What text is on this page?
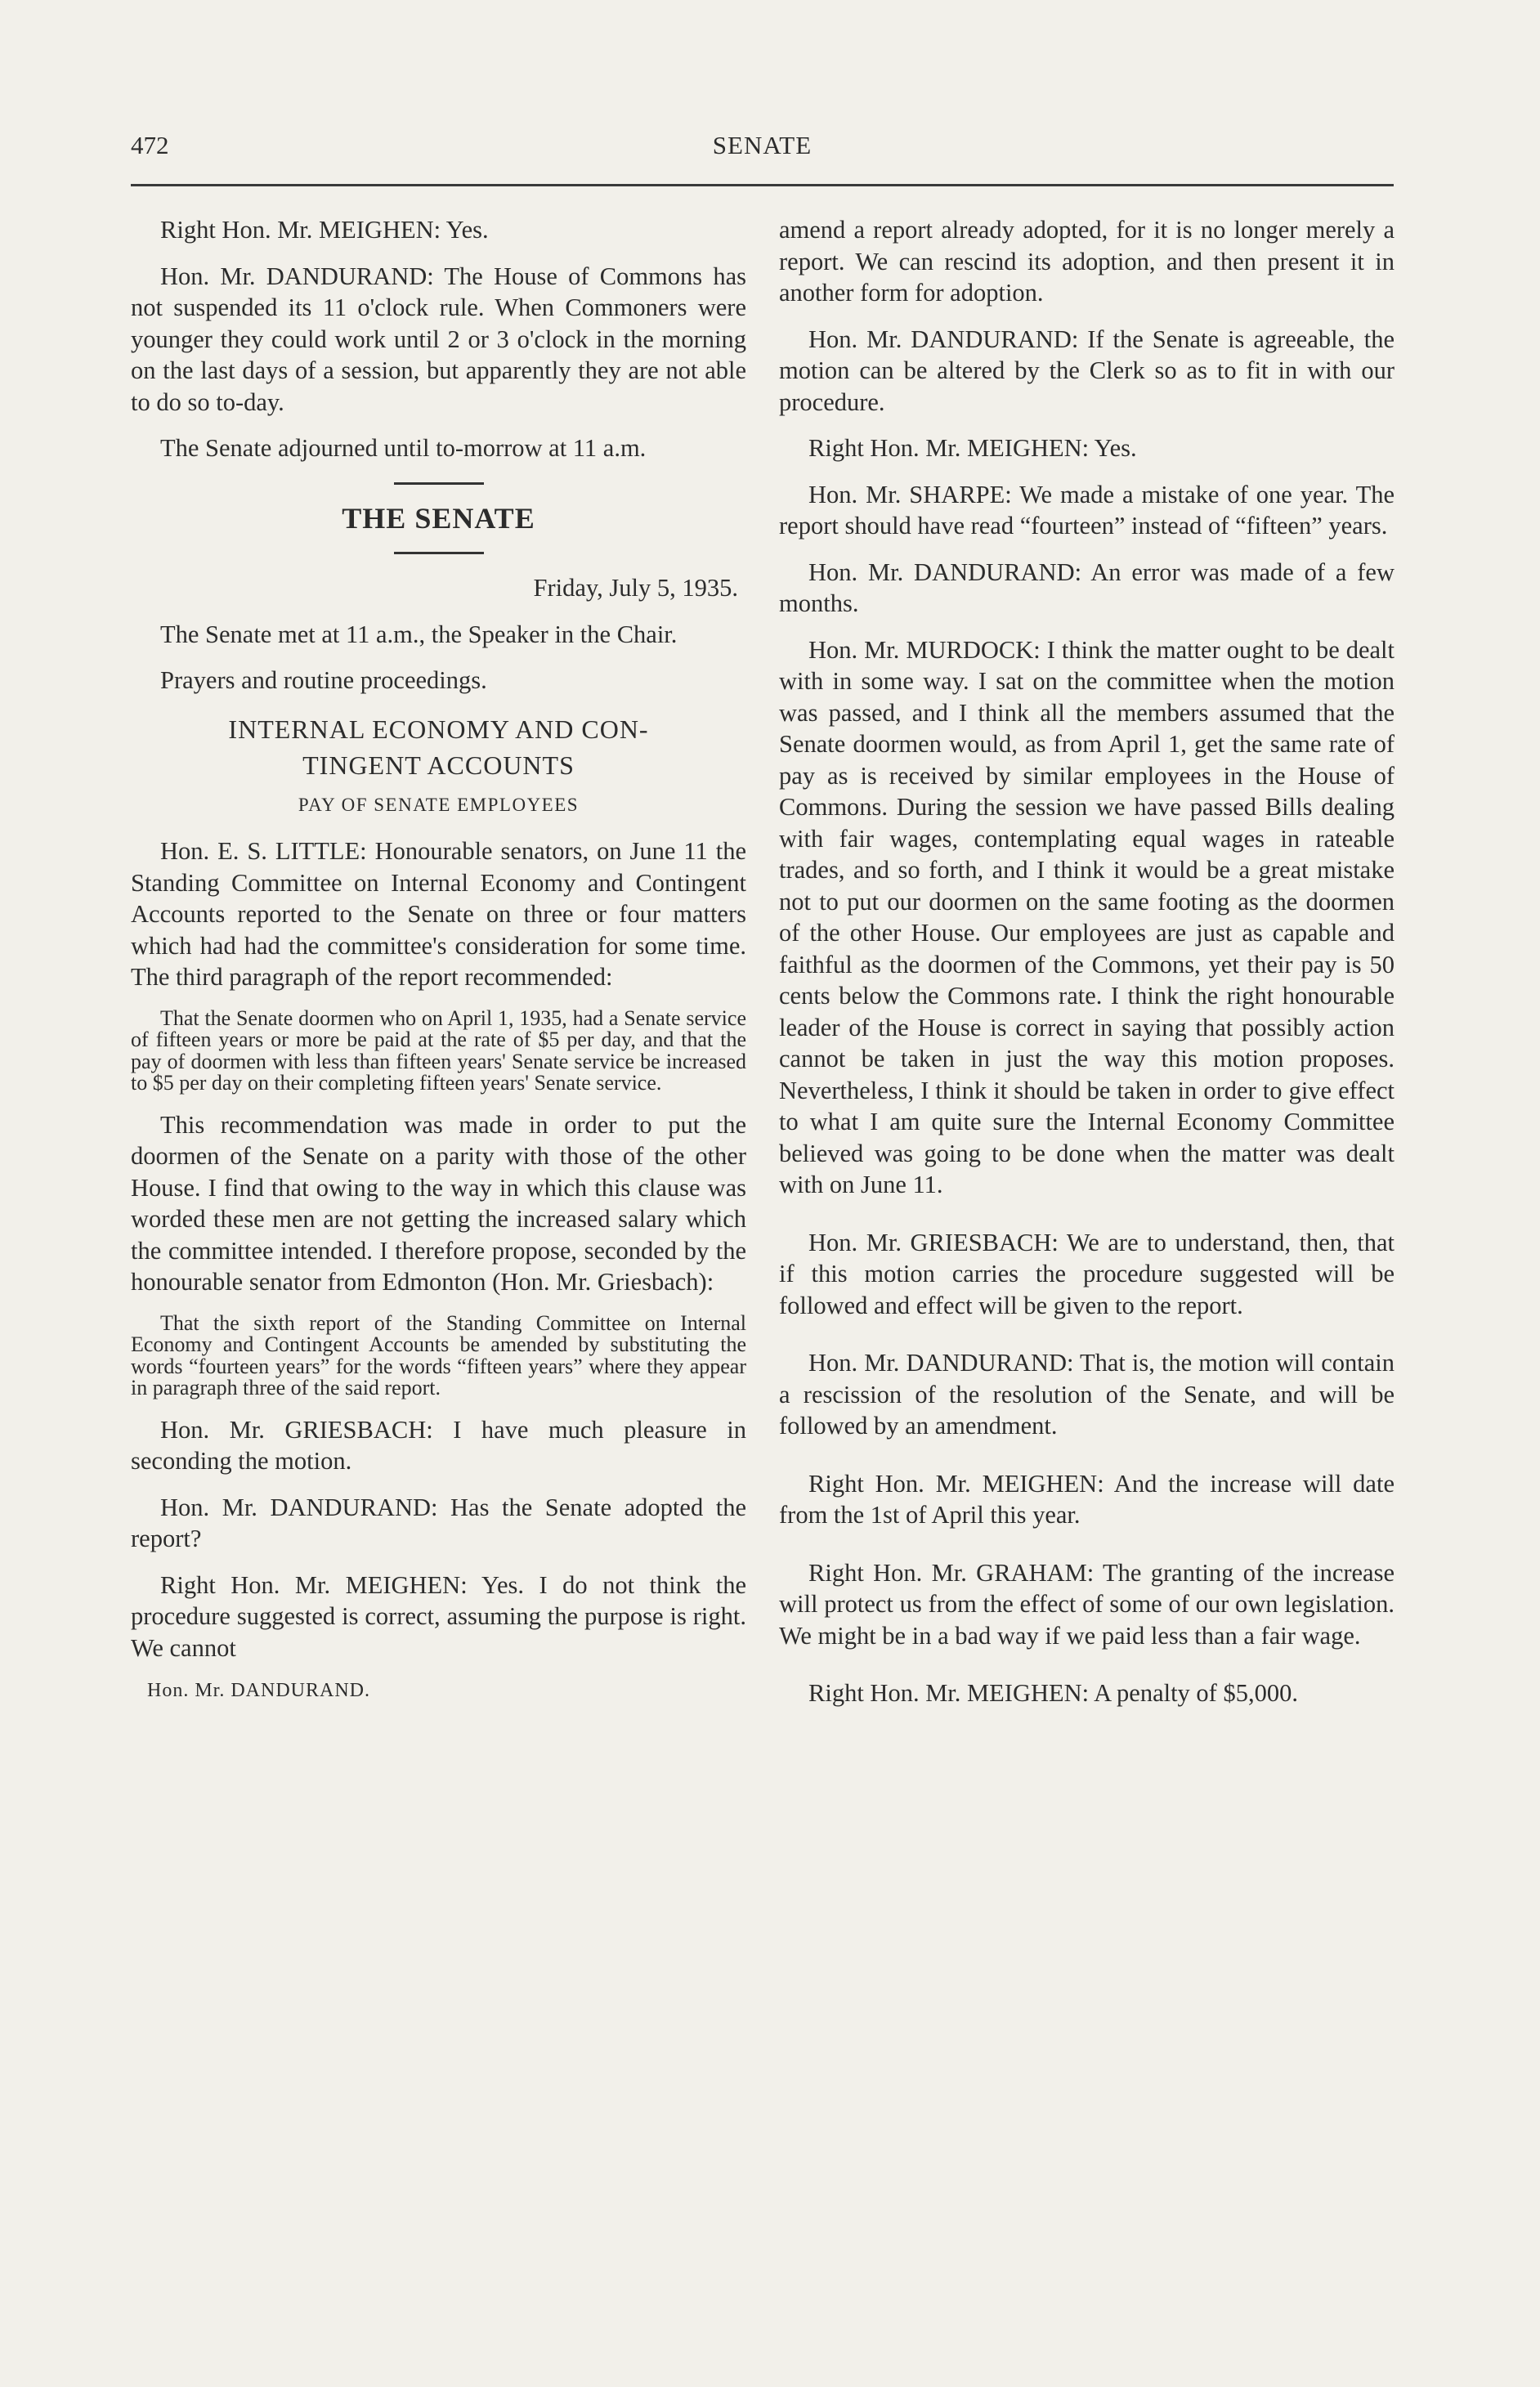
472	SENATE

Right Hon. Mr. MEIGHEN: Yes.

Hon. Mr. DANDURAND: The House of Commons has not suspended its 11 o'clock rule. When Commoners were younger they could work until 2 or 3 o'clock in the morning on the last days of a session, but apparently they are not able to do so to-day.

The Senate adjourned until to-morrow at 11 a.m.

THE SENATE

Friday, July 5, 1935.

The Senate met at 11 a.m., the Speaker in the Chair.

Prayers and routine proceedings.

INTERNAL ECONOMY AND CON-
TINGENT ACCOUNTS
PAY OF SENATE EMPLOYEES

Hon. E. S. LITTLE: Honourable senators, on June 11 the Standing Committee on Internal Economy and Contingent Accounts reported to the Senate on three or four matters which had had the committee's consideration for some time. The third paragraph of the report recommended:

That the Senate doormen who on April 1, 1935, had a Senate service of fifteen years or more be paid at the rate of $5 per day, and that the pay of doormen with less than fifteen years' Senate service be increased to $5 per day on their completing fifteen years' Senate service.

This recommendation was made in order to put the doormen of the Senate on a parity with those of the other House. I find that owing to the way in which this clause was worded these men are not getting the increased salary which the committee intended. I therefore propose, seconded by the honourable senator from Edmonton (Hon. Mr. Griesbach):

That the sixth report of the Standing Committee on Internal Economy and Contingent Accounts be amended by substituting the words “fourteen years” for the words “fifteen years” where they appear in paragraph three of the said report.

Hon. Mr. GRIESBACH: I have much pleasure in seconding the motion.

Hon. Mr. DANDURAND: Has the Senate adopted the report?

Right Hon. Mr. MEIGHEN: Yes. I do not think the procedure suggested is correct, assuming the purpose is right. We cannot

Hon. Mr. DANDURAND.

amend a report already adopted, for it is no longer merely a report. We can rescind its adoption, and then present it in another form for adoption.

Hon. Mr. DANDURAND: If the Senate is agreeable, the motion can be altered by the Clerk so as to fit in with our procedure.

Right Hon. Mr. MEIGHEN: Yes.

Hon. Mr. SHARPE: We made a mistake of one year. The report should have read “fourteen” instead of “fifteen” years.

Hon. Mr. DANDURAND: An error was made of a few months.

Hon. Mr. MURDOCK: I think the matter ought to be dealt with in some way. I sat on the committee when the motion was passed, and I think all the members assumed that the Senate doormen would, as from April 1, get the same rate of pay as is received by similar employees in the House of Commons. During the session we have passed Bills dealing with fair wages, contemplating equal wages in rateable trades, and so forth, and I think it would be a great mistake not to put our doormen on the same footing as the doormen of the other House. Our employees are just as capable and faithful as the doormen of the Commons, yet their pay is 50 cents below the Commons rate. I think the right honourable leader of the House is correct in saying that possibly action cannot be taken in just the way this motion proposes. Nevertheless, I think it should be taken in order to give effect to what I am quite sure the Internal Economy Committee believed was going to be done when the matter was dealt with on June 11.

Hon. Mr. GRIESBACH: We are to understand, then, that if this motion carries the procedure suggested will be followed and effect will be given to the report.

Hon. Mr. DANDURAND: That is, the motion will contain a rescission of the resolution of the Senate, and will be followed by an amendment.

Right Hon. Mr. MEIGHEN: And the increase will date from the 1st of April this year.

Right Hon. Mr. GRAHAM: The granting of the increase will protect us from the effect of some of our own legislation. We might be in a bad way if we paid less than a fair wage.

Right Hon. Mr. MEIGHEN: A penalty of $5,000.
